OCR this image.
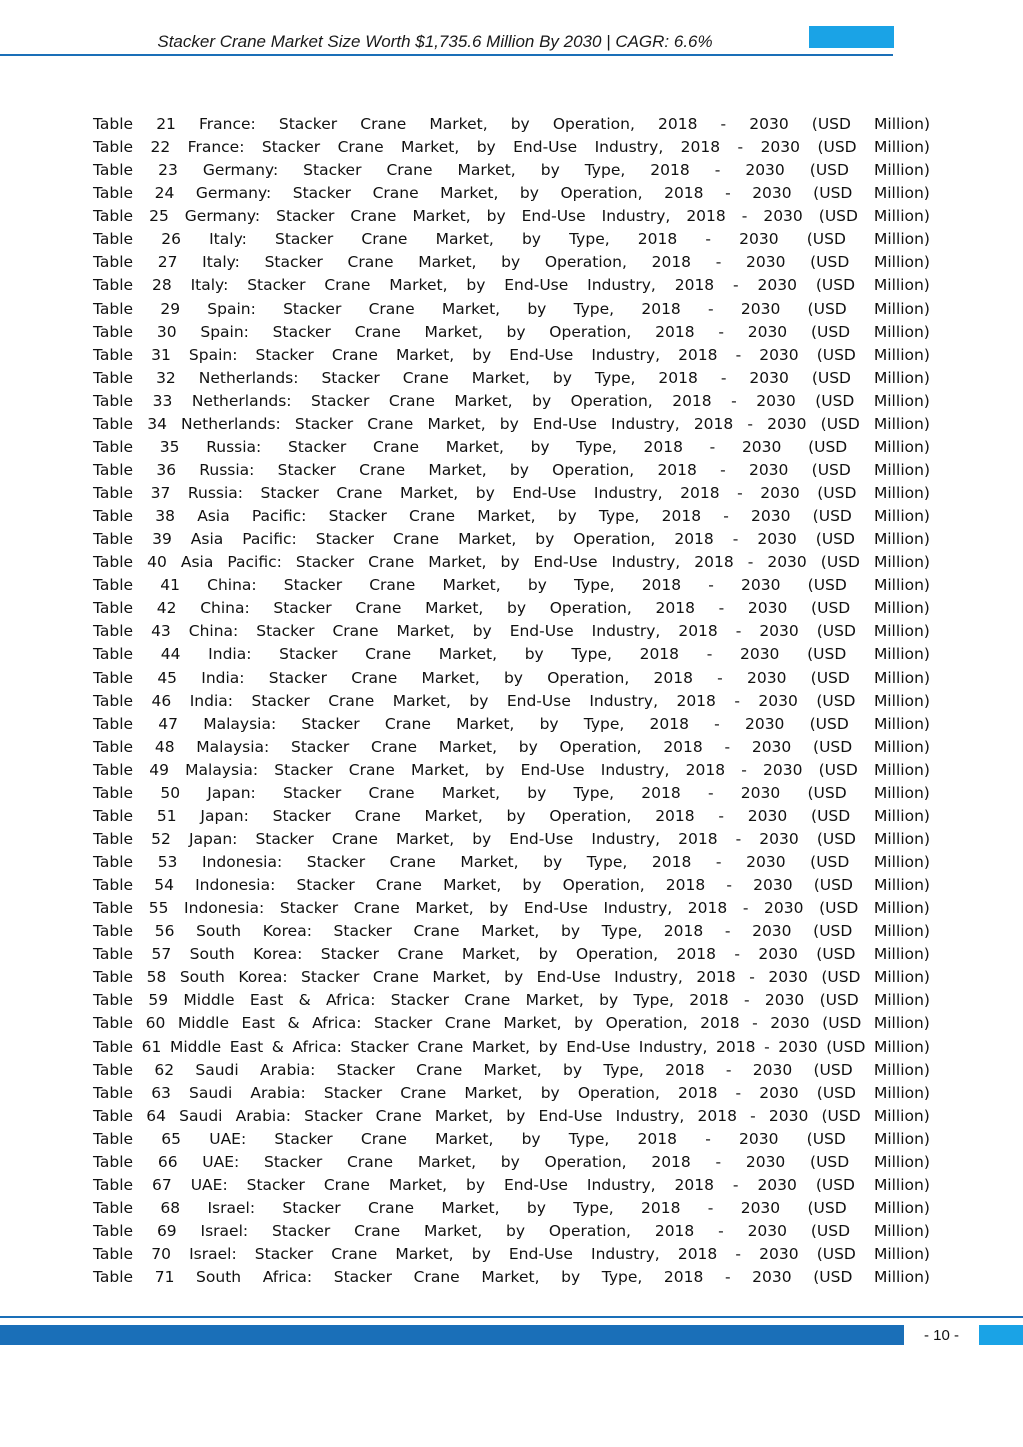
Stacker Crane Market Size Worth $1,735.6 Million By 2030 | CAGR: 6.6%
Table 21 France: Stacker Crane Market, by Operation, 2018 - 2030 (USD Million)
Table 22 France: Stacker Crane Market, by End-Use Industry, 2018 - 2030 (USD Million)
Table 23 Germany: Stacker Crane Market, by Type, 2018 - 2030 (USD Million)
Table 24 Germany: Stacker Crane Market, by Operation, 2018 - 2030 (USD Million)
Table 25 Germany: Stacker Crane Market, by End-Use Industry, 2018 - 2030 (USD Million)
Table 26 Italy: Stacker Crane Market, by Type, 2018 - 2030 (USD Million)
Table 27 Italy: Stacker Crane Market, by Operation, 2018 - 2030 (USD Million)
Table 28 Italy: Stacker Crane Market, by End-Use Industry, 2018 - 2030 (USD Million)
Table 29 Spain: Stacker Crane Market, by Type, 2018 - 2030 (USD Million)
Table 30 Spain: Stacker Crane Market, by Operation, 2018 - 2030 (USD Million)
Table 31 Spain: Stacker Crane Market, by End-Use Industry, 2018 - 2030 (USD Million)
Table 32 Netherlands: Stacker Crane Market, by Type, 2018 - 2030 (USD Million)
Table 33 Netherlands: Stacker Crane Market, by Operation, 2018 - 2030 (USD Million)
Table 34 Netherlands: Stacker Crane Market, by End-Use Industry, 2018 - 2030 (USD Million)
Table 35 Russia: Stacker Crane Market, by Type, 2018 - 2030 (USD Million)
Table 36 Russia: Stacker Crane Market, by Operation, 2018 - 2030 (USD Million)
Table 37 Russia: Stacker Crane Market, by End-Use Industry, 2018 - 2030 (USD Million)
Table 38 Asia Pacific: Stacker Crane Market, by Type, 2018 - 2030 (USD Million)
Table 39 Asia Pacific: Stacker Crane Market, by Operation, 2018 - 2030 (USD Million)
Table 40 Asia Pacific: Stacker Crane Market, by End-Use Industry, 2018 - 2030 (USD Million)
Table 41 China: Stacker Crane Market, by Type, 2018 - 2030 (USD Million)
Table 42 China: Stacker Crane Market, by Operation, 2018 - 2030 (USD Million)
Table 43 China: Stacker Crane Market, by End-Use Industry, 2018 - 2030 (USD Million)
Table 44 India: Stacker Crane Market, by Type, 2018 - 2030 (USD Million)
Table 45 India: Stacker Crane Market, by Operation, 2018 - 2030 (USD Million)
Table 46 India: Stacker Crane Market, by End-Use Industry, 2018 - 2030 (USD Million)
Table 47 Malaysia: Stacker Crane Market, by Type, 2018 - 2030 (USD Million)
Table 48 Malaysia: Stacker Crane Market, by Operation, 2018 - 2030 (USD Million)
Table 49 Malaysia: Stacker Crane Market, by End-Use Industry, 2018 - 2030 (USD Million)
Table 50 Japan: Stacker Crane Market, by Type, 2018 - 2030 (USD Million)
Table 51 Japan: Stacker Crane Market, by Operation, 2018 - 2030 (USD Million)
Table 52 Japan: Stacker Crane Market, by End-Use Industry, 2018 - 2030 (USD Million)
Table 53 Indonesia: Stacker Crane Market, by Type, 2018 - 2030 (USD Million)
Table 54 Indonesia: Stacker Crane Market, by Operation, 2018 - 2030 (USD Million)
Table 55 Indonesia: Stacker Crane Market, by End-Use Industry, 2018 - 2030 (USD Million)
Table 56 South Korea: Stacker Crane Market, by Type, 2018 - 2030 (USD Million)
Table 57 South Korea: Stacker Crane Market, by Operation, 2018 - 2030 (USD Million)
Table 58 South Korea: Stacker Crane Market, by End-Use Industry, 2018 - 2030 (USD Million)
Table 59 Middle East & Africa: Stacker Crane Market, by Type, 2018 - 2030 (USD Million)
Table 60 Middle East & Africa: Stacker Crane Market, by Operation, 2018 - 2030 (USD Million)
Table 61 Middle East & Africa: Stacker Crane Market, by End-Use Industry, 2018 - 2030 (USD Million)
Table 62 Saudi Arabia: Stacker Crane Market, by Type, 2018 - 2030 (USD Million)
Table 63 Saudi Arabia: Stacker Crane Market, by Operation, 2018 - 2030 (USD Million)
Table 64 Saudi Arabia: Stacker Crane Market, by End-Use Industry, 2018 - 2030 (USD Million)
Table 65 UAE: Stacker Crane Market, by Type, 2018 - 2030 (USD Million)
Table 66 UAE: Stacker Crane Market, by Operation, 2018 - 2030 (USD Million)
Table 67 UAE: Stacker Crane Market, by End-Use Industry, 2018 - 2030 (USD Million)
Table 68 Israel: Stacker Crane Market, by Type, 2018 - 2030 (USD Million)
Table 69 Israel: Stacker Crane Market, by Operation, 2018 - 2030 (USD Million)
Table 70 Israel: Stacker Crane Market, by End-Use Industry, 2018 - 2030 (USD Million)
Table 71 South Africa: Stacker Crane Market, by Type, 2018 - 2030 (USD Million)
- 10 -
